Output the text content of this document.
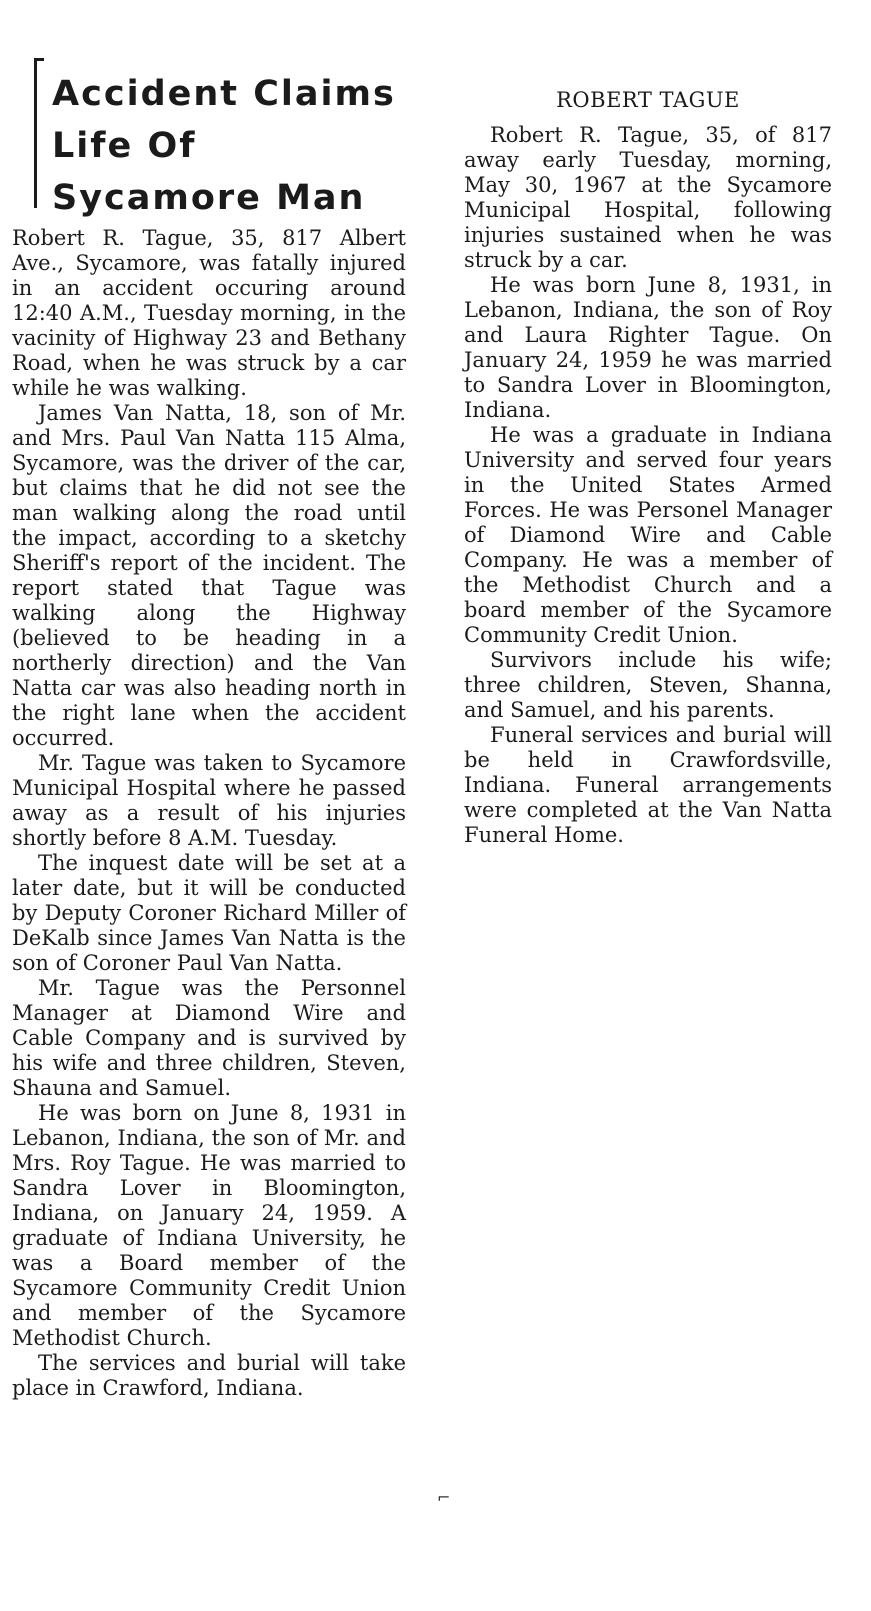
Accident Claims
Life Of
Sycamore Man

Robert R. Tague, 35, 817 Albert Ave., Sycamore, was fatally injured in an accident occuring around 12:40 A.M., Tuesday morning, in the vacinity of Highway 23 and Bethany Road, when he was struck by a car while he was walking.

James Van Natta, 18, son of Mr. and Mrs. Paul Van Natta 115 Alma, Sycamore, was the driver of the car, but claims that he did not see the man walking along the road until the impact, according to a sketchy Sheriff's report of the incident. The report stated that Tague was walking along the Highway (believed to be heading in a northerly direction) and the Van Natta car was also heading north in the right lane when the accident occurred.

Mr. Tague was taken to Sycamore Municipal Hospital where he passed away as a result of his injuries shortly before 8 A.M. Tuesday.

The inquest date will be set at a later date, but it will be conducted by Deputy Coroner Richard Miller of DeKalb since James Van Natta is the son of Coroner Paul Van Natta.

Mr. Tague was the Personnel Manager at Diamond Wire and Cable Company and is survived by his wife and three children, Steven, Shauna and Samuel.

He was born on June 8, 1931 in Lebanon, Indiana, the son of Mr. and Mrs. Roy Tague. He was married to Sandra Lover in Bloomington, Indiana, on January 24, 1959. A graduate of Indiana University, he was a Board member of the Sycamore Community Credit Union and member of the Sycamore Methodist Church.

The services and burial will take place in Crawford, Indiana.

ROBERT TAGUE

Robert R. Tague, 35, of 817 away early Tuesday, morning, May 30, 1967 at the Sycamore Municipal Hospital, following injuries sustained when he was struck by a car.

He was born June 8, 1931, in Lebanon, Indiana, the son of Roy and Laura Righter Tague. On January 24, 1959 he was married to Sandra Lover in Bloomington, Indiana.

He was a graduate in Indiana University and served four years in the United States Armed Forces. He was Personel Manager of Diamond Wire and Cable Company. He was a member of the Methodist Church and a board member of the Sycamore Community Credit Union.

Survivors include his wife; three children, Steven, Shanna, and Samuel, and his parents.

Funeral services and burial will be held in Crawfordsville, Indiana. Funeral arrangements were completed at the Van Natta Funeral Home.

⌐
